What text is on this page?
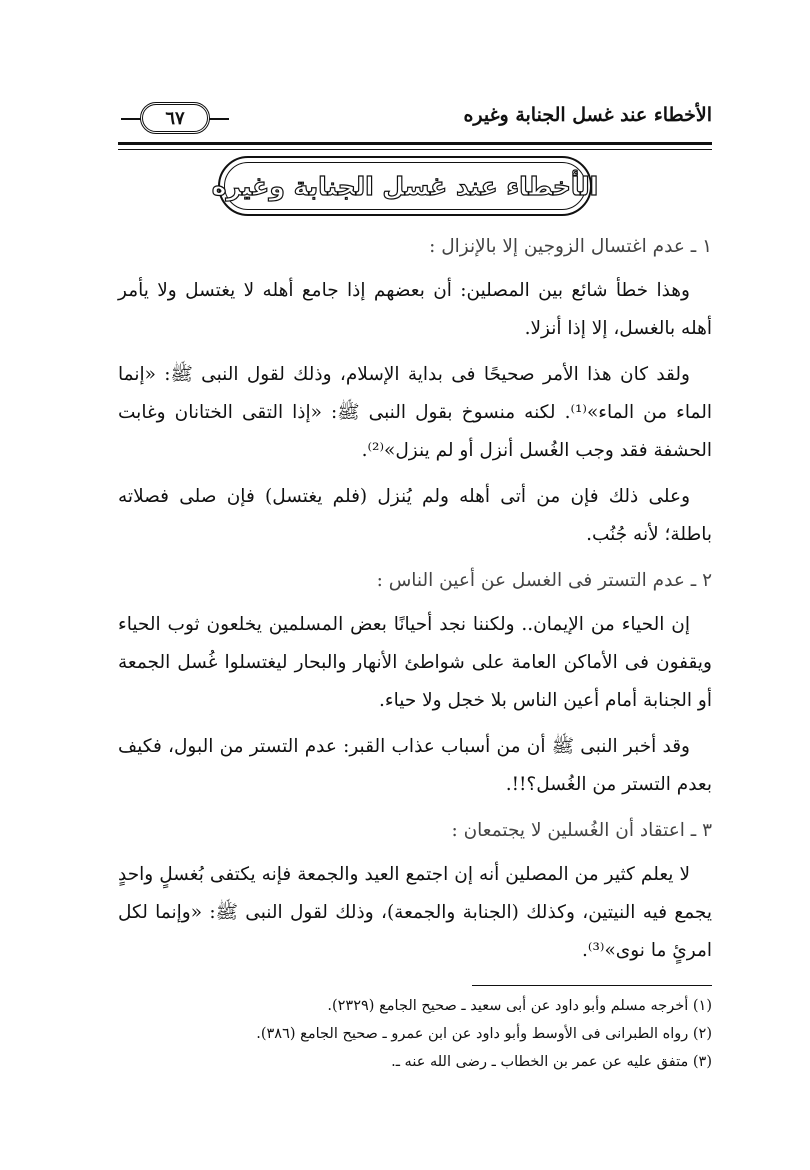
الأخطاء عند غسل الجنابة وغيره
٦٧
الأخطاء عند غسل الجنابة وغيره

١ ـ عدم اغتسال الزوجين إلا بالإنزال :

وهذا خطأ شائع بين المصلين: أن بعضهم إذا جامع أهله لا يغتسل ولا يأمر أهله بالغسل، إلا إذا أنزلا.

ولقد كان هذا الأمر صحيحًا فى بداية الإسلام، وذلك لقول النبى ﷺ: «إنما الماء من الماء»⁽¹⁾. لكنه منسوخ بقول النبى ﷺ: «إذا التقى الختانان وغابت الحشفة فقد وجب الغُسل أنزل أو لم ينزل»⁽²⁾.

وعلى ذلك فإن من أتى أهله ولم يُنزل (فلم يغتسل) فإن صلى فصلاته باطلة؛ لأنه جُنُب.

٢ ـ عدم التستر فى الغسل عن أعين الناس :

إن الحياء من الإيمان.. ولكننا نجد أحيانًا بعض المسلمين يخلعون ثوب الحياء ويقفون فى الأماكن العامة على شواطئ الأنهار والبحار ليغتسلوا غُسل الجمعة أو الجنابة أمام أعين الناس بلا خجل ولا حياء.

وقد أخبر النبى ﷺ أن من أسباب عذاب القبر: عدم التستر من البول، فكيف بعدم التستر من الغُسل؟!!.

٣ ـ اعتقاد أن الغُسلين لا يجتمعان :

لا يعلم كثير من المصلين أنه إن اجتمع العيد والجمعة فإنه يكتفى بُغسلٍ واحدٍ يجمع فيه النيتين، وكذلك (الجنابة والجمعة)، وذلك لقول النبى ﷺ: «وإنما لكل امرئٍ ما نوى»⁽³⁾.

(١) أخرجه مسلم وأبو داود عن أبى سعيد ـ صحيح الجامع (٢٣٢٩).

(٢) رواه الطبرانى فى الأوسط وأبو داود عن ابن عمرو ـ صحيح الجامع (٣٨٦).

(٣) متفق عليه عن عمر بن الخطاب ـ رضى الله عنه ـ.
